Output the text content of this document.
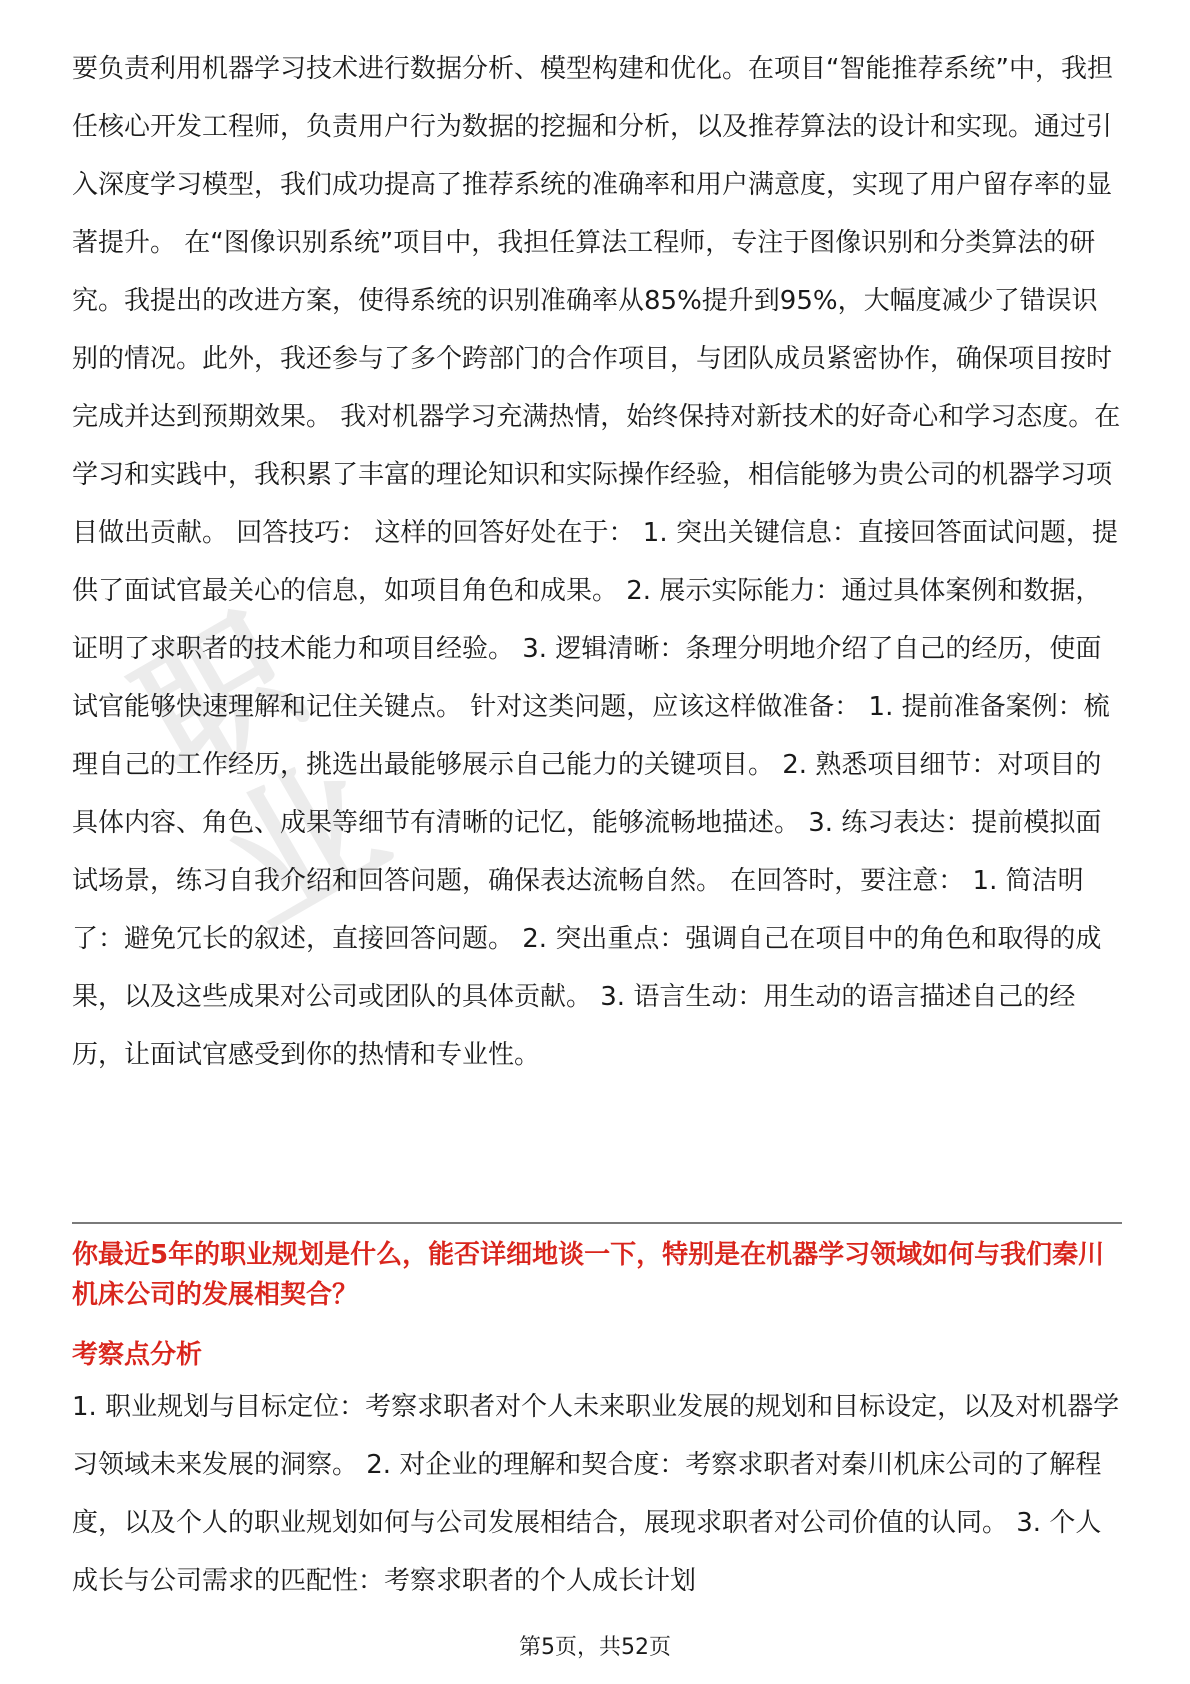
职
业

要负责利用机器学习技术进行数据分析、模型构建和优化。在项目“智能推荐系统”中，我担任核心开发工程师，负责用户行为数据的挖掘和分析，以及推荐算法的设计和实现。通过引入深度学习模型，我们成功提高了推荐系统的准确率和用户满意度，实现了用户留存率的显著提升。 在“图像识别系统”项目中，我担任算法工程师，专注于图像识别和分类算法的研究。我提出的改进方案，使得系统的识别准确率从85%提升到95%，大幅度减少了错误识别的情况。此外，我还参与了多个跨部门的合作项目，与团队成员紧密协作，确保项目按时完成并达到预期效果。 我对机器学习充满热情，始终保持对新技术的好奇心和学习态度。在学习和实践中，我积累了丰富的理论知识和实际操作经验，相信能够为贵公司的机器学习项目做出贡献。 回答技巧： 这样的回答好处在于： 1. 突出关键信息：直接回答面试问题，提供了面试官最关心的信息，如项目角色和成果。 2. 展示实际能力：通过具体案例和数据，证明了求职者的技术能力和项目经验。 3. 逻辑清晰：条理分明地介绍了自己的经历，使面试官能够快速理解和记住关键点。 针对这类问题，应该这样做准备： 1. 提前准备案例：梳理自己的工作经历，挑选出最能够展示自己能力的关键项目。 2. 熟悉项目细节：对项目的具体内容、角色、成果等细节有清晰的记忆，能够流畅地描述。 3. 练习表达：提前模拟面试场景，练习自我介绍和回答问题，确保表达流畅自然。 在回答时，要注意： 1. 简洁明了：避免冗长的叙述，直接回答问题。 2. 突出重点：强调自己在项目中的角色和取得的成果，以及这些成果对公司或团队的具体贡献。 3. 语言生动：用生动的语言描述自己的经历，让面试官感受到你的热情和专业性。

你最近5年的职业规划是什么，能否详细地谈一下，特别是在机器学习领域如何与我们秦川机床公司的发展相契合？

考察点分析

1. 职业规划与目标定位：考察求职者对个人未来职业发展的规划和目标设定，以及对机器学习领域未来发展的洞察。 2. 对企业的理解和契合度：考察求职者对秦川机床公司的了解程度，以及个人的职业规划如何与公司发展相结合，展现求职者对公司价值的认同。 3. 个人成长与公司需求的匹配性：考察求职者的个人成长计划

第5页，共52页
